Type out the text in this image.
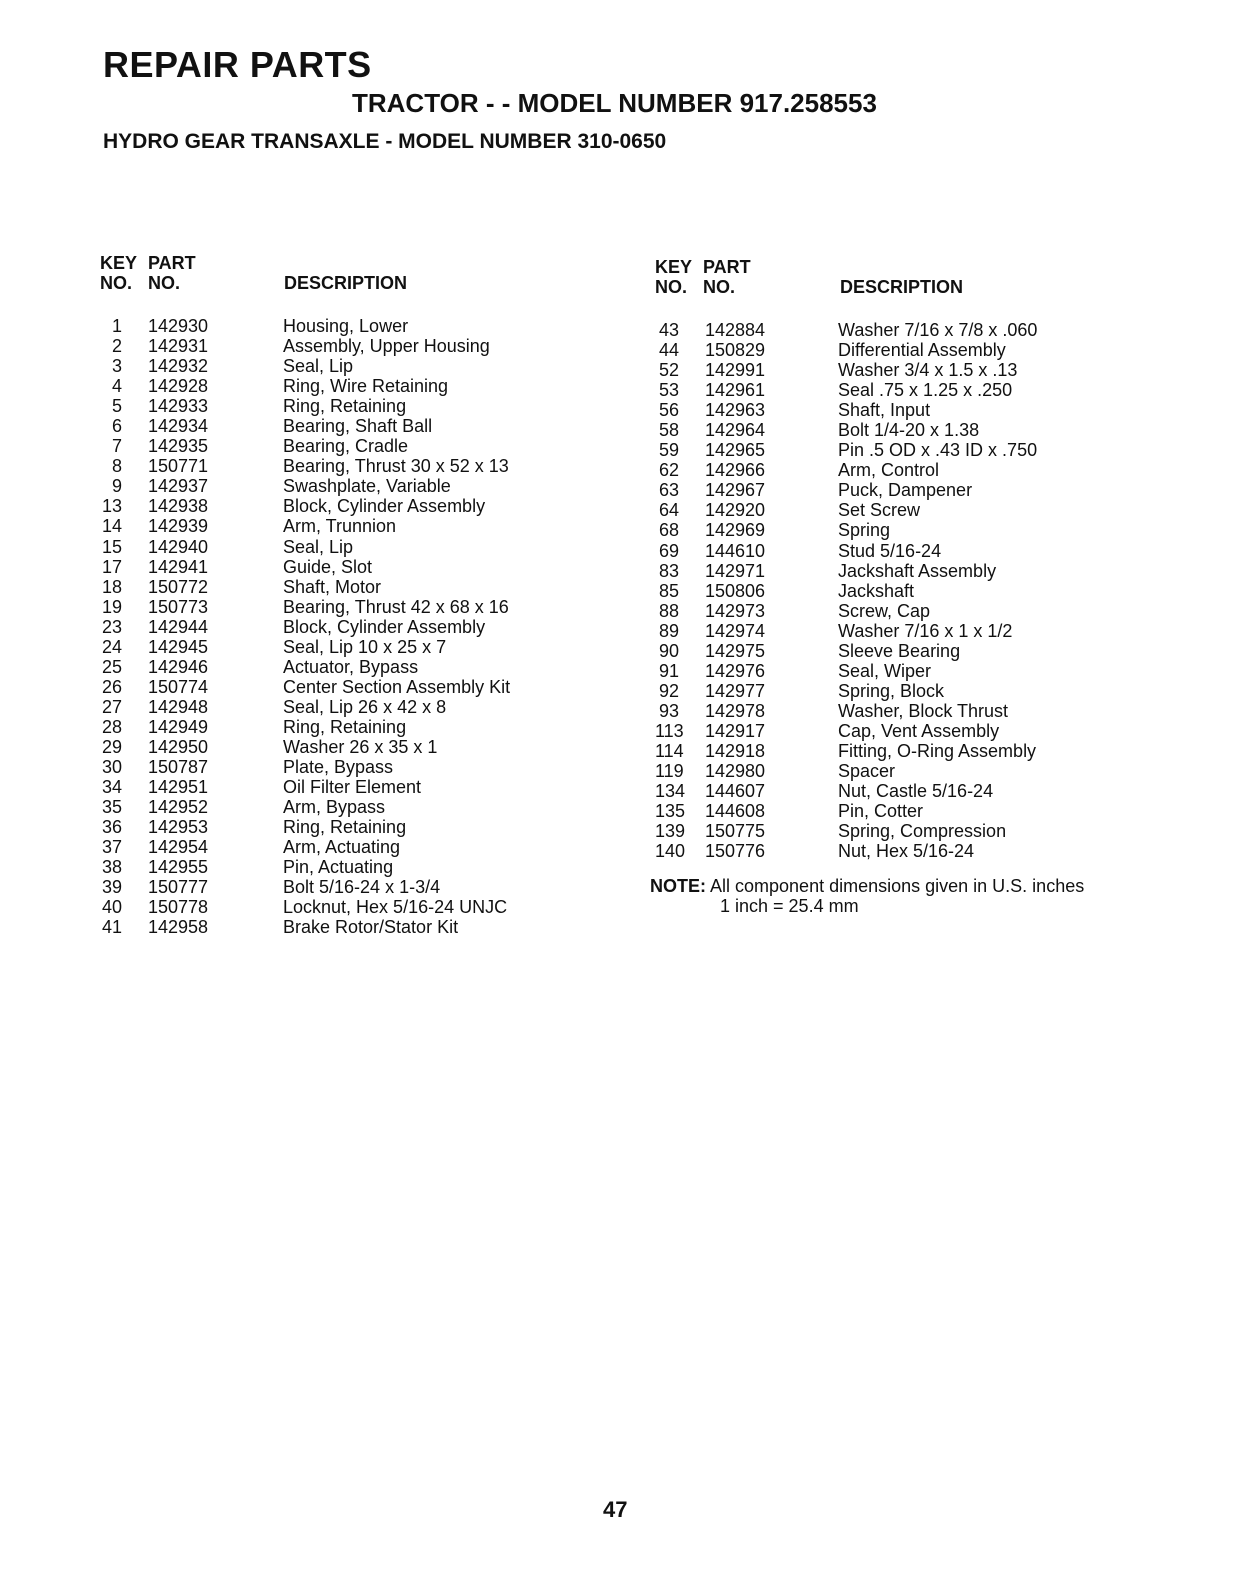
REPAIR PARTS
TRACTOR - - MODEL NUMBER 917.258553
HYDRO GEAR TRANSAXLE - MODEL NUMBER 310-0650
KEY
NO.
PART
NO.	DESCRIPTION
1 142930	Housing, Lower
2 142931	Assembly, Upper Housing
3 142932	Seal, Lip
4 142928	Ring, Wire Retaining
5 142933	Ring, Retaining
6 142934	Bearing, Shaft Ball
7 142935	Bearing, Cradle
8 150771	Bearing, Thrust 30 x 52 x 13
9 142937	Swashplate, Variable
13 142938	Block, Cylinder Assembly
14 142939	Arm, Trunnion
15 142940	Seal, Lip
17 142941	Guide, Slot
18 150772	Shaft, Motor
19 150773	Bearing, Thrust 42 x 68 x 16
23 142944	Block, Cylinder Assembly
24 142945	Seal, Lip 10 x 25 x 7
25 142946	Actuator, Bypass
26 150774	Center Section Assembly Kit
27 142948	Seal, Lip 26 x 42 x 8
28 142949	Ring, Retaining
29 142950	Washer 26 x 35 x 1
30 150787	Plate, Bypass
34 142951	Oil Filter Element
35 142952	Arm, Bypass
36 142953	Ring, Retaining
37 142954	Arm, Actuating
38 142955	Pin, Actuating
39 150777	Bolt 5/16-24 x 1-3/4
40 150778	Locknut, Hex 5/16-24 UNJC
41 142958	Brake Rotor/Stator Kit
KEY
NO.
PART
NO.	DESCRIPTION
43 142884	Washer 7/16 x 7/8 x .060
44 150829	Differential Assembly
52 142991	Washer 3/4 x 1.5 x .13
53 142961	Seal .75 x 1.25 x .250
56 142963	Shaft, Input
58 142964	Bolt 1/4-20 x 1.38
59 142965	Pin .5 OD x .43 ID x .750
62 142966	Arm, Control
63 142967	Puck, Dampener
64 142920	Set Screw
68 142969	Spring
69 144610	Stud 5/16-24
83 142971	Jackshaft Assembly
85 150806	Jackshaft
88 142973	Screw, Cap
89 142974	Washer 7/16 x 1 x 1/2
90 142975	Sleeve Bearing
91 142976	Seal, Wiper
92 142977	Spring, Block
93 142978	Washer, Block Thrust
113 142917	Cap, Vent Assembly
114 142918	Fitting, O-Ring Assembly
119 142980	Spacer
134 144607	Nut, Castle 5/16-24
135 144608	Pin, Cotter
139 150775	Spring, Compression
140 150776	Nut, Hex 5/16-24
NOTE: All component dimensions given in U.S. inches
1 inch = 25.4 mm
47
